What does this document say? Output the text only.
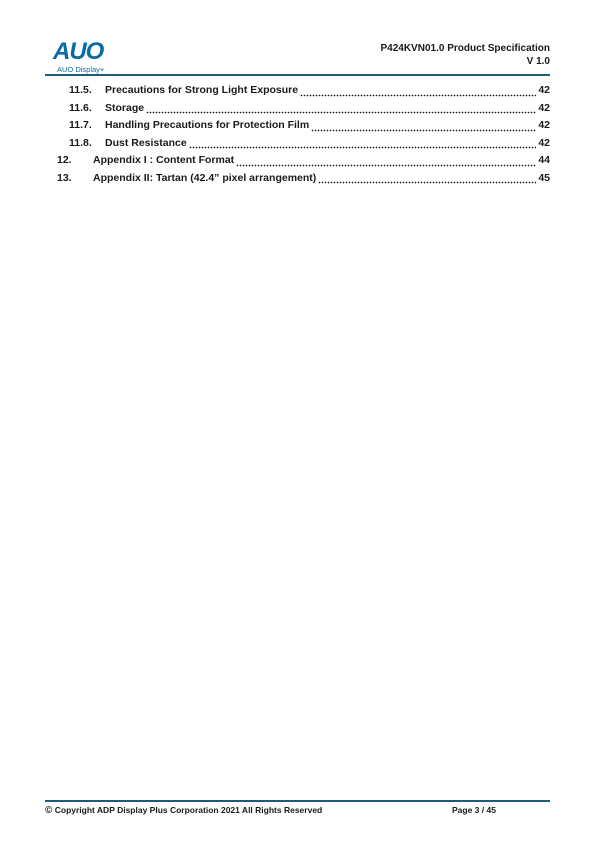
AUO
AUO Display+
P424KVN01.0 Product Specification
V 1.0
11.5.	Precautions for Strong Light Exposure	42
11.6.	Storage	42
11.7.	Handling Precautions for Protection Film	42
11.8.	Dust Resistance	42
12.	Appendix I : Content Format	44
13.	Appendix II: Tartan (42.4” pixel arrangement)	45
© Copyright ADP Display Plus Corporation 2021 All Rights Reserved	Page 3 / 45
